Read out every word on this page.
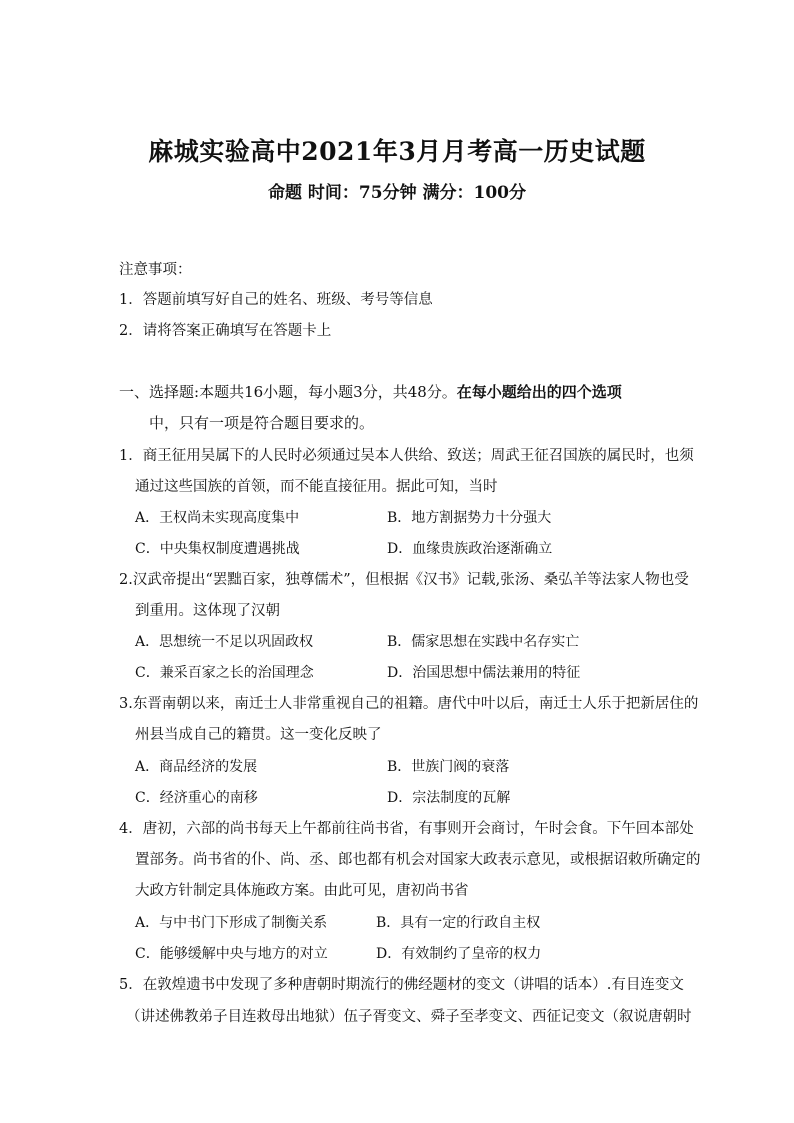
麻城实验高中2021年3月月考高一历史试题
命题 时间：75分钟 满分：100分
注意事项：
1．答题前填写好自己的姓名、班级、考号等信息
2．请将答案正确填写在答题卡上
一、选择题:本题共16小题，每小题3分，共48分。在每小题给出的四个选项
中，只有一项是符合题目要求的。
1．商王征用吴属下的人民时必须通过吴本人供给、致送；周武王征召国族的属民时，也须
通过这些国族的首领，而不能直接征用。据此可知，当时
A．王权尚未实现高度集中	B．地方割据势力十分强大
C．中央集权制度遭遇挑战	D．血缘贵族政治逐渐确立
2.汉武帝提出“罢黜百家，独尊儒术”，但根据《汉书》记载,张汤、桑弘羊等法家人物也受
到重用。这体现了汉朝
A．思想统一不足以巩固政权	B．儒家思想在实践中名存实亡
C．兼采百家之长的治国理念	D．治国思想中儒法兼用的特征
3.东晋南朝以来，南迁士人非常重视自己的祖籍。唐代中叶以后，南迁士人乐于把新居住的
州县当成自己的籍贯。这一变化反映了
A．商品经济的发展	B．世族门阀的衰落
C．经济重心的南移	D．宗法制度的瓦解
4．唐初，六部的尚书每天上午都前往尚书省，有事则开会商讨，午时会食。下午回本部处
置部务。尚书省的仆、尚、丞、郎也都有机会对国家大政表示意见，或根据诏敕所确定的
大政方针制定具体施政方案。由此可见，唐初尚书省
A．与中书门下形成了制衡关系	B．具有一定的行政自主权
C．能够缓解中央与地方的对立	D．有效制约了皇帝的权力
5．在敦煌遗书中发现了多种唐朝时期流行的佛经题材的变文（讲唱的话本）.有目连变文
（讲述佛教弟子目连救母出地狱）伍子胥变文、舜子至孝变文、西征记变文（叙说唐朝时
